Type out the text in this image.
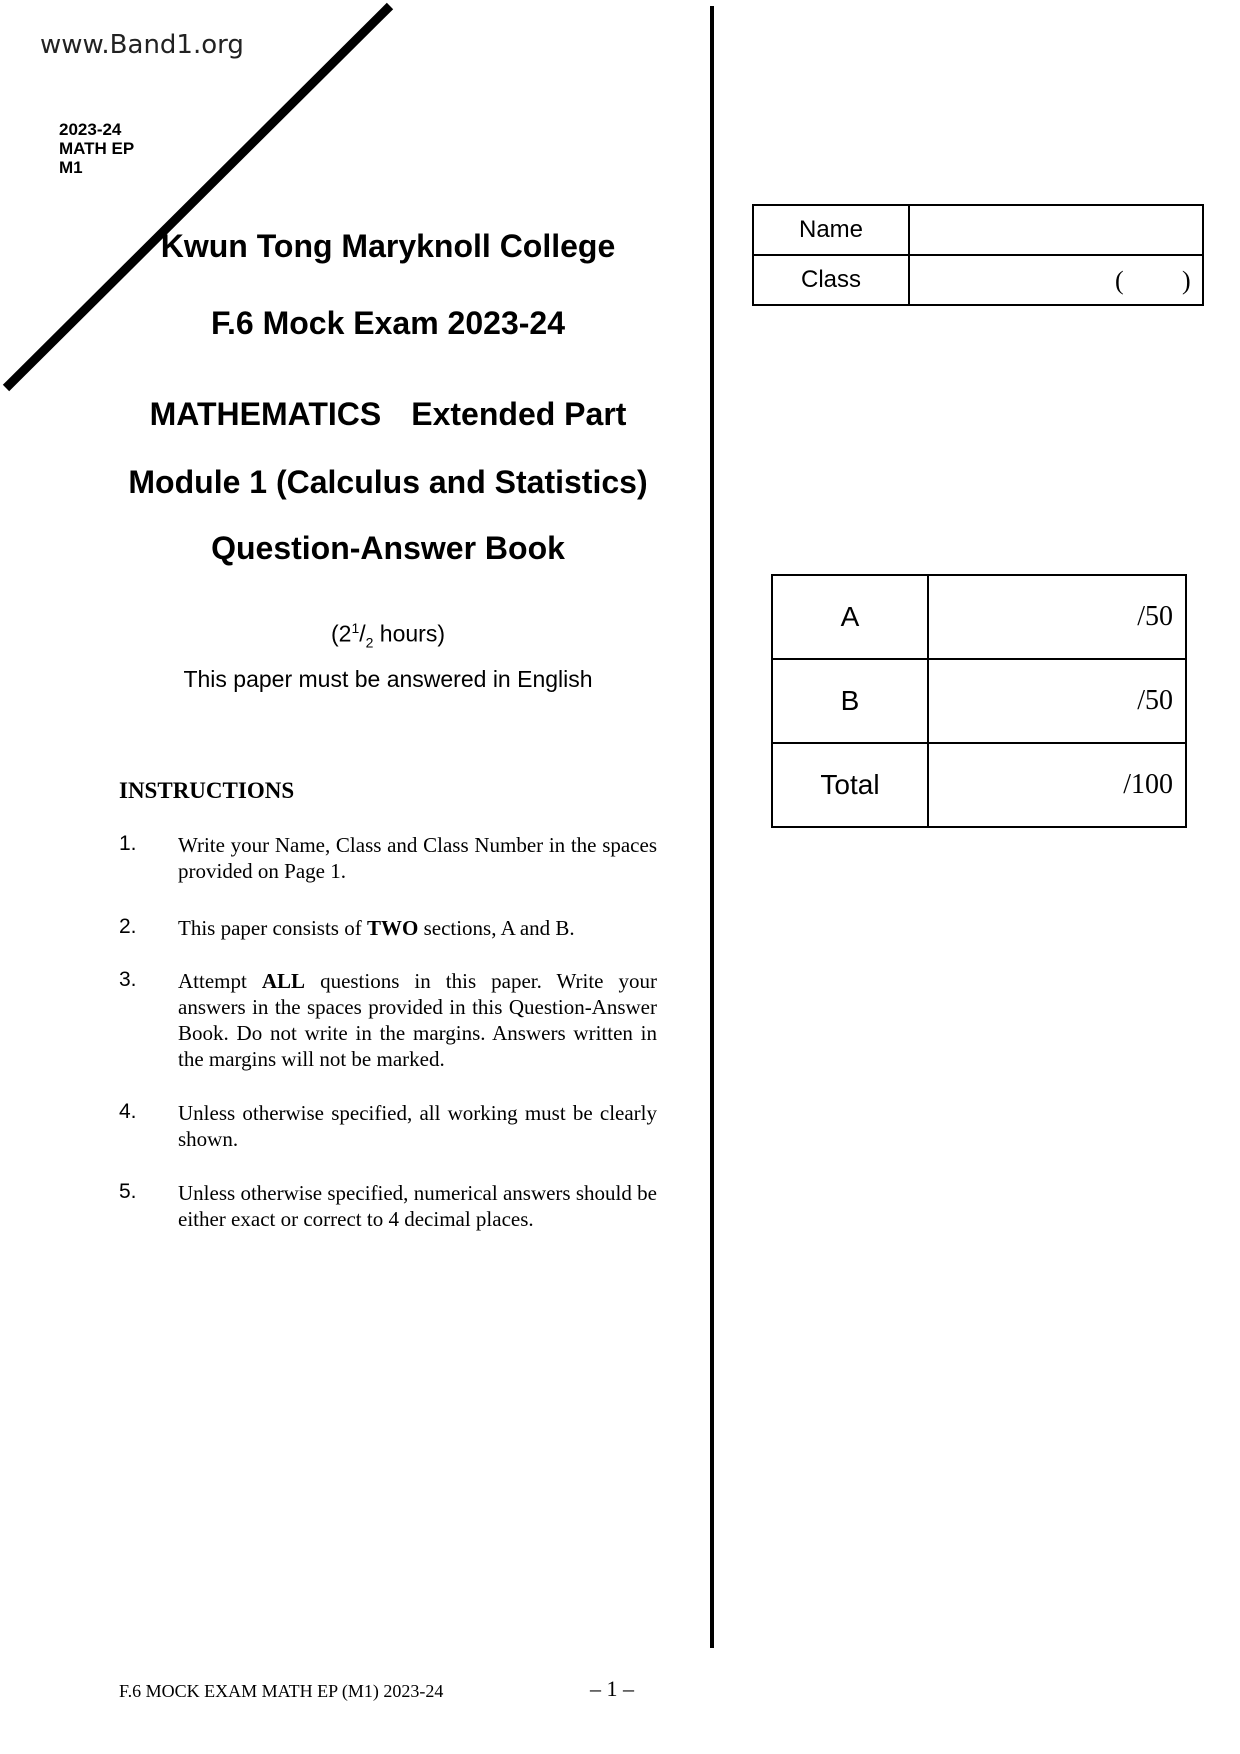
www.Band1.org
2023-24
MATH EP
M1
Kwun Tong Maryknoll College
F.6 Mock Exam 2023-24
MATHEMATICS Extended Part
Module 1 (Calculus and Statistics)
Question-Answer Book
($2^1/_2$ hours)
This paper must be answered in English
Name	
Class	( )
A	/50
B	/50
Total	/100
INSTRUCTIONS
1. Write your Name, Class and Class Number in the spaces provided on Page 1.
2. This paper consists of TWO sections, A and B.
3. Attempt ALL questions in this paper. Write your answers in the spaces provided in this Question-Answer Book. Do not write in the margins. Answers written in the margins will not be marked.
4. Unless otherwise specified, all working must be clearly shown.
5. Unless otherwise specified, numerical answers should be either exact or correct to 4 decimal places.
F.6 MOCK EXAM MATH EP (M1) 2023-24	– 1 –
